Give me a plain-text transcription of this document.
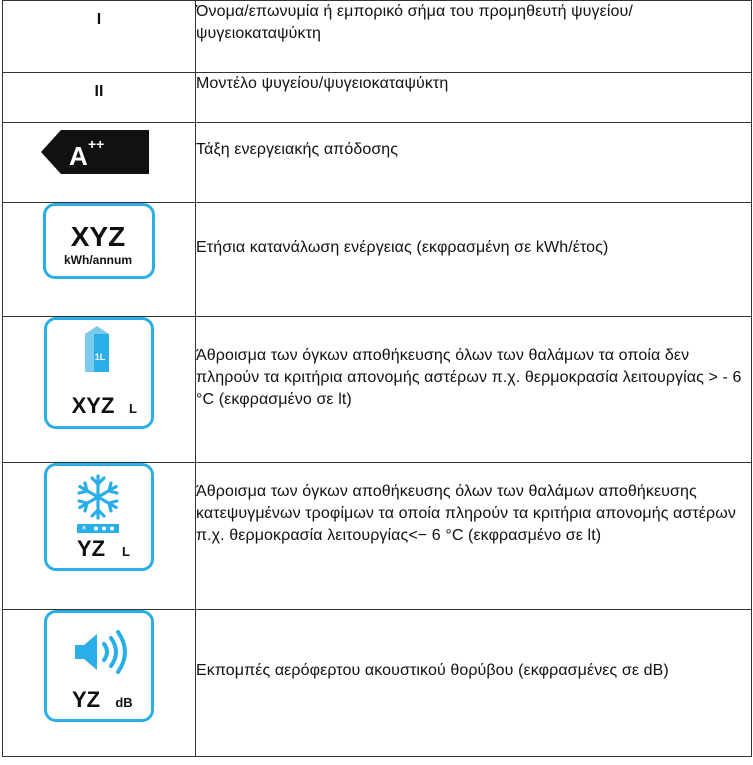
I	Όνομα/επωνυμία ή εμπορικό σήμα του προμηθευτή ψυγείου/ψυγειοκαταψύκτη

II	Μοντέλο ψυγείου/ψυγειοκαταψύκτη

A ++	Τάξη ενεργειακής απόδοσης

XYZ
kWh/annum	Ετήσια κατανάλωση ενέργειας (εκφρασμένη σε kWh/έτος)

1L
XYZ L	Άθροισμα των όγκων αποθήκευσης όλων των θαλάμων τα οποία δεν πληρούν τα κριτήρια απονομής αστέρων π.χ. θερμοκρασία λειτουργίας > - 6 °C (εκφρασμένο σε lt)

*
YZ L	Άθροισμα των όγκων αποθήκευσης όλων των θαλάμων αποθήκευσης κατεψυγμένων τροφίμων τα οποία πληρούν τα κριτήρια απονομής αστέρων π.χ. θερμοκρασία λειτουργίας<− 6 °C (εκφρασμένο σε lt)

YZ dB	Εκπομπές αερόφερτου ακουστικού θορύβου (εκφρασμένες σε dB)
